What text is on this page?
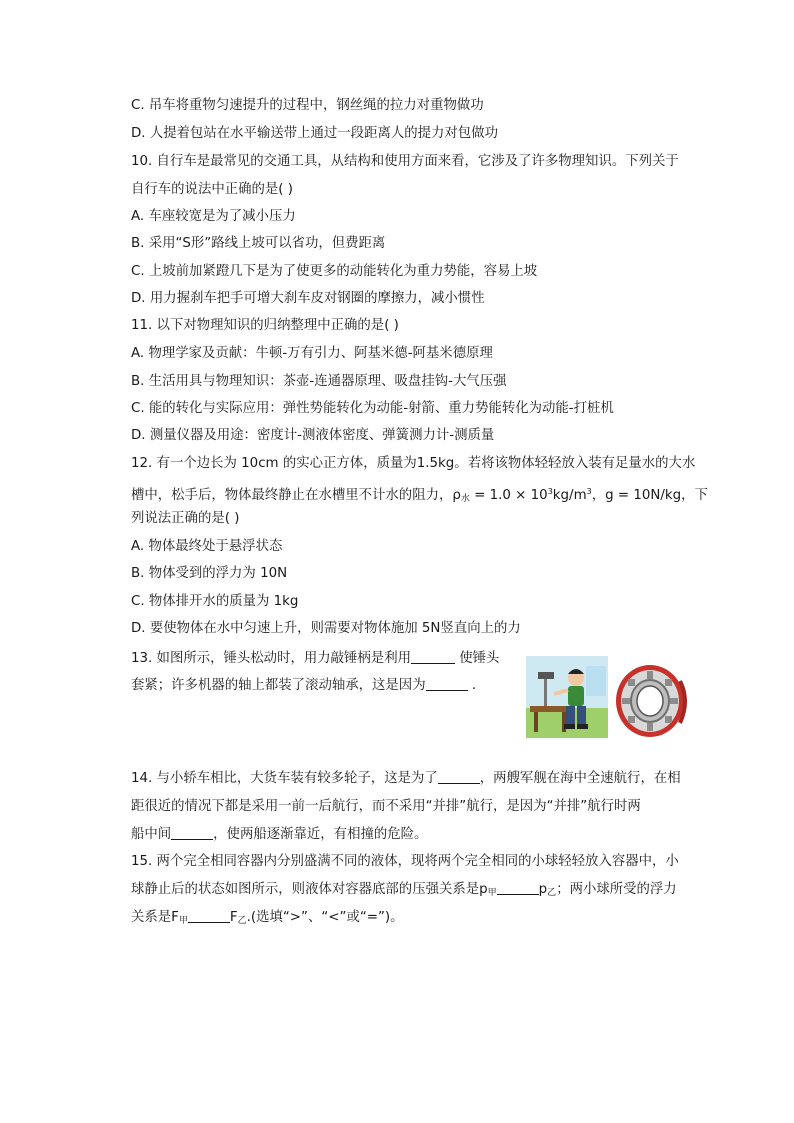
C. 吊车将重物匀速提升的过程中，钢丝绳的拉力对重物做功
D. 人提着包站在水平输送带上通过一段距离人的提力对包做功
10. 自行车是最常见的交通工具，从结构和使用方面来看，它涉及了许多物理知识。下列关于
自行车的说法中正确的是( )
A. 车座较宽是为了减小压力
B. 采用“S形”路线上坡可以省功，但费距离
C. 上坡前加紧蹬几下是为了使更多的动能转化为重力势能，容易上坡
D. 用力握刹车把手可增大刹车皮对钢圈的摩擦力，减小惯性
11. 以下对物理知识的归纳整理中正确的是( )
A. 物理学家及贡献：牛顿-万有引力、阿基米德-阿基米德原理
B. 生活用具与物理知识：茶壶-连通器原理、吸盘挂钩-大气压强
C. 能的转化与实际应用：弹性势能转化为动能-射箭、重力势能转化为动能-打桩机
D. 测量仪器及用途：密度计-测液体密度、弹簧测力计-测质量
12. 有一个边长为 10cm 的实心正方体，质量为1.5kg。若将该物体轻轻放入装有足量水的大水
槽中，松手后，物体最终静止在水槽里不计水的阻力，$\rho_水 = 1.0 \times 10^3kg/m^3$，g = 10N/kg，下
列说法正确的是( )
A. 物体最终处于悬浮状态
B. 物体受到的浮力为 10N
C. 物体排开水的质量为 1kg
D. 要使物体在水中匀速上升，则需要对物体施加 5N竖直向上的力
13. 如图所示，锤头松动时，用力敲锤柄是利用	使锤头
套紧；许多机器的轴上都装了滚动轴承，这是因为	.
14. 与小轿车相比，大货车装有较多轮子，这是为了	，两艘军舰在海中全速航行，在相
距很近的情况下都是采用一前一后航行，而不采用“并排”航行，是因为“并排”航行时两
船中间	，使两船逐渐靠近，有相撞的危险。
15. 两个完全相同容器内分别盛满不同的液体，现将两个完全相同的小球轻轻放入容器中，小
球静止后的状态如图所示，则液体对容器底部的压强关系是$p_甲$	$p_乙$；两小球所受的浮力
关系是$F_甲$	$F_乙$.(选填“>”、“<”或“=”)。
